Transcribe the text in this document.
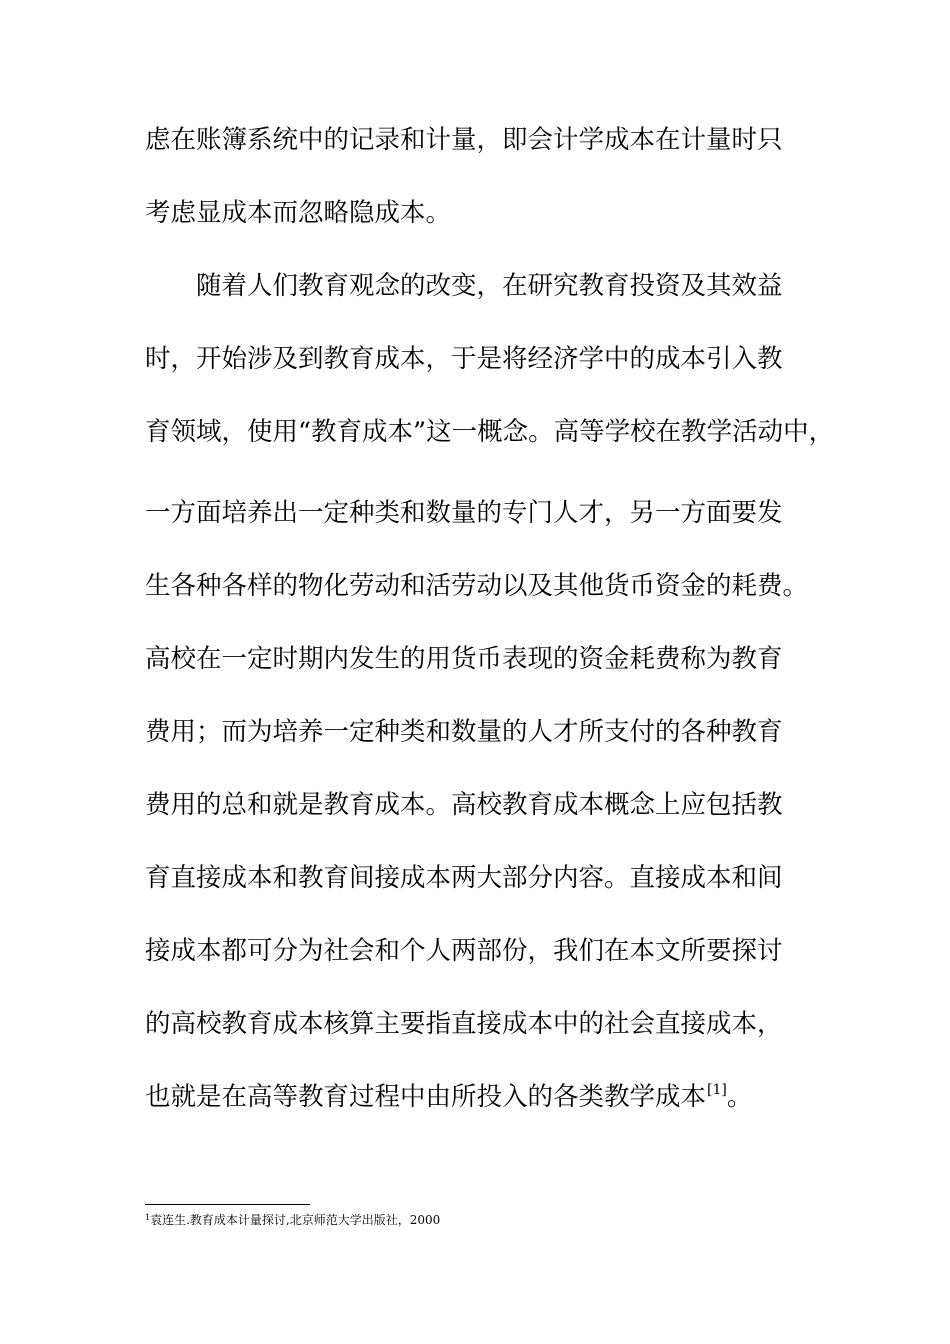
虑在账簿系统中的记录和计量，即会计学成本在计量时只
考虑显成本而忽略隐成本。
随着人们教育观念的改变，在研究教育投资及其效益
时，开始涉及到教育成本，于是将经济学中的成本引入教
育领域，使用“教育成本”这一概念。高等学校在教学活动中，
一方面培养出一定种类和数量的专门人才，另一方面要发
生各种各样的物化劳动和活劳动以及其他货币资金的耗费。
高校在一定时期内发生的用货币表现的资金耗费称为教育
费用；而为培养一定种类和数量的人才所支付的各种教育
费用的总和就是教育成本。高校教育成本概念上应包括教
育直接成本和教育间接成本两大部分内容。直接成本和间
接成本都可分为社会和个人两部份，我们在本文所要探讨
的高校教育成本核算主要指直接成本中的社会直接成本，
也就是在高等教育过程中由所投入的各类教学成本[1]。
$^1$袁连生.教育成本计量探讨,北京师范大学出版社，2000
